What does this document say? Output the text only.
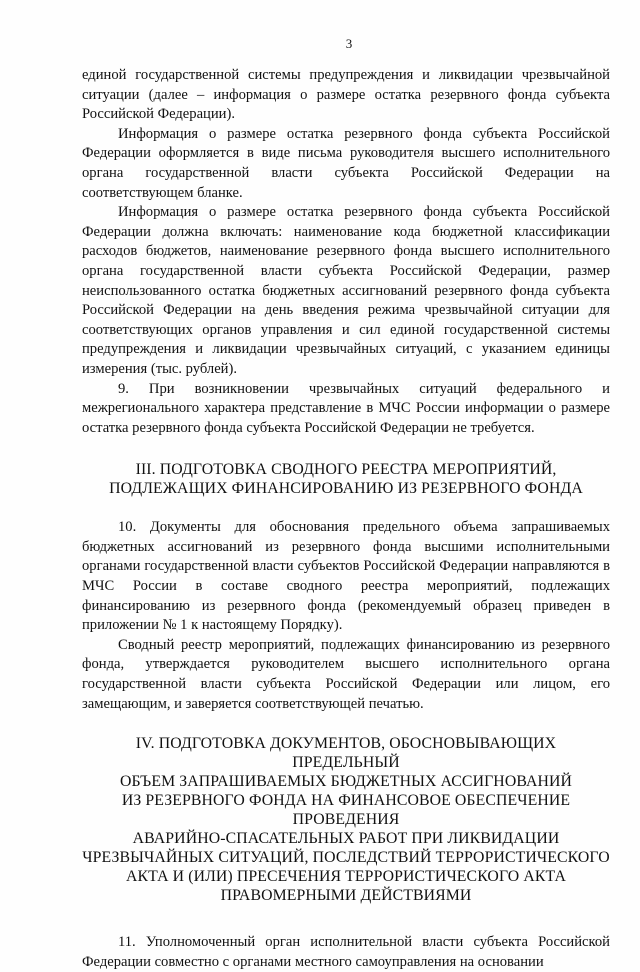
3

единой государственной системы предупреждения и ликвидации чрезвычайной ситуации (далее – информация о размере остатка резервного фонда субъекта Российской Федерации).

Информация о размере остатка резервного фонда субъекта Российской Федерации оформляется в виде письма руководителя высшего исполнительного органа государственной власти субъекта Российской Федерации на соответствующем бланке.

Информация о размере остатка резервного фонда субъекта Российской Федерации должна включать: наименование кода бюджетной классификации расходов бюджетов, наименование резервного фонда высшего исполнительного органа государственной власти субъекта Российской Федерации, размер неиспользованного остатка бюджетных ассигнований резервного фонда субъекта Российской Федерации на день введения режима чрезвычайной ситуации для соответствующих органов управления и сил единой государственной системы предупреждения и ликвидации чрезвычайных ситуаций, с указанием единицы измерения (тыс. рублей).

9. При возникновении чрезвычайных ситуаций федерального и межрегионального характера представление в МЧС России информации о размере остатка резервного фонда субъекта Российской Федерации не требуется.

III. ПОДГОТОВКА СВОДНОГО РЕЕСТРА МЕРОПРИЯТИЙ, ПОДЛЕЖАЩИХ ФИНАНСИРОВАНИЮ ИЗ РЕЗЕРВНОГО ФОНДА

10. Документы для обоснования предельного объема запрашиваемых бюджетных ассигнований из резервного фонда высшими исполнительными органами государственной власти субъектов Российской Федерации направляются в МЧС России в составе сводного реестра мероприятий, подлежащих финансированию из резервного фонда (рекомендуемый образец приведен в приложении № 1 к настоящему Порядку).

Сводный реестр мероприятий, подлежащих финансированию из резервного фонда, утверждается руководителем высшего исполнительного органа государственной власти субъекта Российской Федерации или лицом, его замещающим, и заверяется соответствующей печатью.

IV. ПОДГОТОВКА ДОКУМЕНТОВ, ОБОСНОВЫВАЮЩИХ ПРЕДЕЛЬНЫЙ
ОБЪЕМ ЗАПРАШИВАЕМЫХ БЮДЖЕТНЫХ АССИГНОВАНИЙ
ИЗ РЕЗЕРВНОГО ФОНДА НА ФИНАНСОВОЕ ОБЕСПЕЧЕНИЕ ПРОВЕДЕНИЯ
АВАРИЙНО-СПАСАТЕЛЬНЫХ РАБОТ ПРИ ЛИКВИДАЦИИ
ЧРЕЗВЫЧАЙНЫХ СИТУАЦИЙ, ПОСЛЕДСТВИЙ ТЕРРОРИСТИЧЕСКОГО
АКТА И (ИЛИ) ПРЕСЕЧЕНИЯ ТЕРРОРИСТИЧЕСКОГО АКТА
ПРАВОМЕРНЫМИ ДЕЙСТВИЯМИ

11. Уполномоченный орган исполнительной власти субъекта Российской Федерации совместно с органами местного самоуправления на основании
